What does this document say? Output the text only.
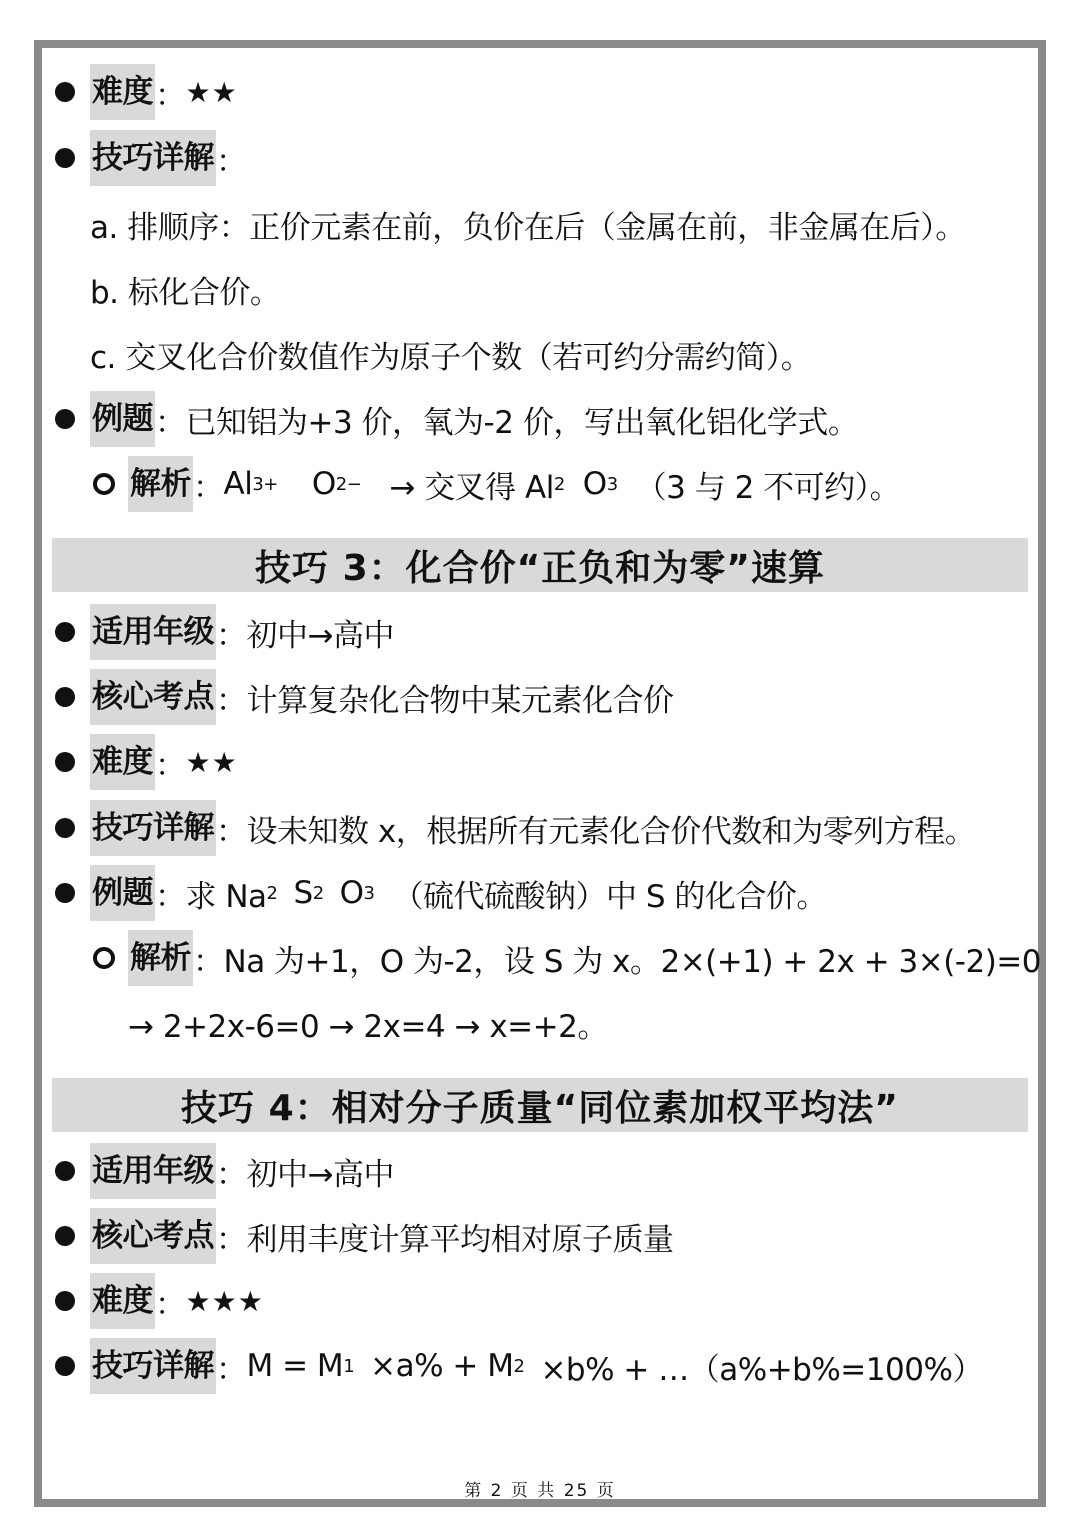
难度 ： ★★
技巧详解 ：
a. 排顺序：正价元素在前，负价在后（金属在前，非金属在后）。
b. 标化合价。
c. 交叉化合价数值作为原子个数（若可约分需约简）。
例题 ： 已知铝为+3 价，氧为-2 价，写出氧化铝化学式。
解析 ： Al 3+ O 2− → 交叉得 Al 2 O 3 （3 与 2 不可约）。
技巧 3：化合价“正负和为零”速算
适用年级 ： 初中→高中
核心考点 ： 计算复杂化合物中某元素化合价
难度 ： ★★
技巧详解 ： 设未知数 x，根据所有元素化合价代数和为零列方程。
例题 ： 求 Na 2 S 2 O 3 （硫代硫酸钠）中 S 的化合价。
解析 ： Na 为+1，O 为-2，设 S 为 x。2×(+1) + 2x + 3×(-2)=0
→ 2+2x-6=0 → 2x=4 → x=+2。
技巧 4：相对分子质量“同位素加权平均法”
适用年级 ： 初中→高中
核心考点 ： 利用丰度计算平均相对原子质量
难度 ： ★★★
技巧详解 ： M = M 1 ×a% + M 2 ×b% + …（a%+b%=100%）
第 2 页 共 25 页
